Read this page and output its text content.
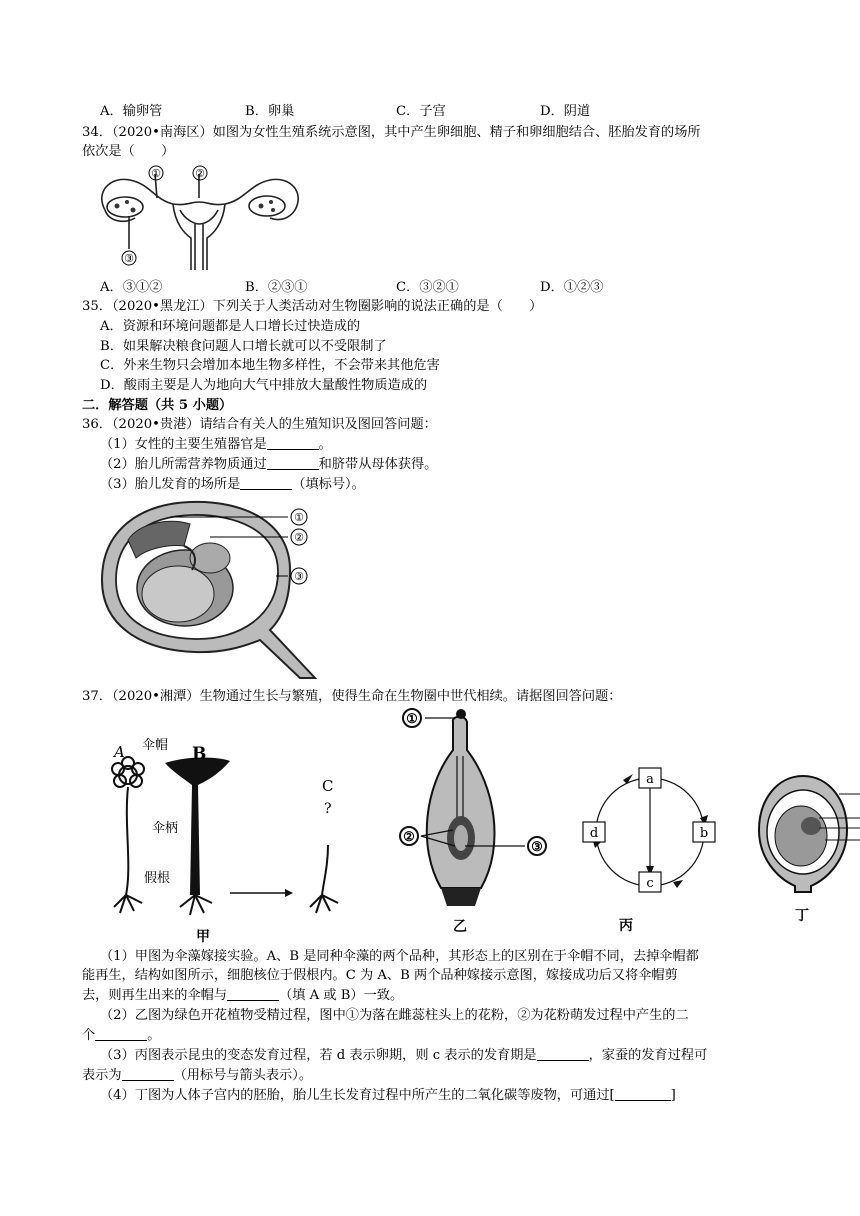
A．输卵管	B．卵巢	C．子宫	D．阴道
34．（2020•南海区）如图为女性生殖系统示意图，其中产生卵细胞、精子和卵细胞结合、胚胎发育的场所
依次是（　　）
①	②
③
A．③①②	B．②③①	C．③②①	D．①②③
35．（2020•黑龙江）下列关于人类活动对生物圈影响的说法正确的是（　　）
A．资源和环境问题都是人口增长过快造成的
B．如果解决粮食问题人口增长就可以不受限制了
C．外来生物只会增加本地生物多样性，不会带来其他危害
D．酸雨主要是人为地向大气中排放大量酸性物质造成的
二．解答题（共 5 小题）
36．（2020•贵港）请结合有关人的生殖知识及图回答问题：
（1）女性的主要生殖器官是	。
（2）胎儿所需营养物质通过	和脐带从母体获得。
（3）胎儿发育的场所是	（填标号）。
①
②
③
37．（2020•湘潭）生物通过生长与繁殖，使得生命在生物圈中世代相续。请据图回答问题：
A	B
C
?
伞帽
伞柄
假根
甲
①
②
③
乙
a
b
c
d
丙
丁
（1）甲图为伞藻嫁接实验。A、B 是同种伞藻的两个品种，其形态上的区别在于伞帽不同，去掉伞帽都
能再生，结构如图所示，细胞核位于假根内。C 为 A、B 两个品种嫁接示意图，嫁接成功后又将伞帽剪
去，则再生出来的伞帽与	（填 A 或 B）一致。
（2）乙图为绿色开花植物受精过程，图中①为落在雌蕊柱头上的花粉，②为花粉萌发过程中产生的二
个	。
（3）丙图表示昆虫的变态发育过程，若 d 表示卵期，则 c 表示的发育期是	，家蚕的发育过程可
表示为	（用标号与箭头表示）。
（4）丁图为人体子宫内的胚胎，胎儿生长发育过程中所产生的二氧化碳等废物，可通过[	]
